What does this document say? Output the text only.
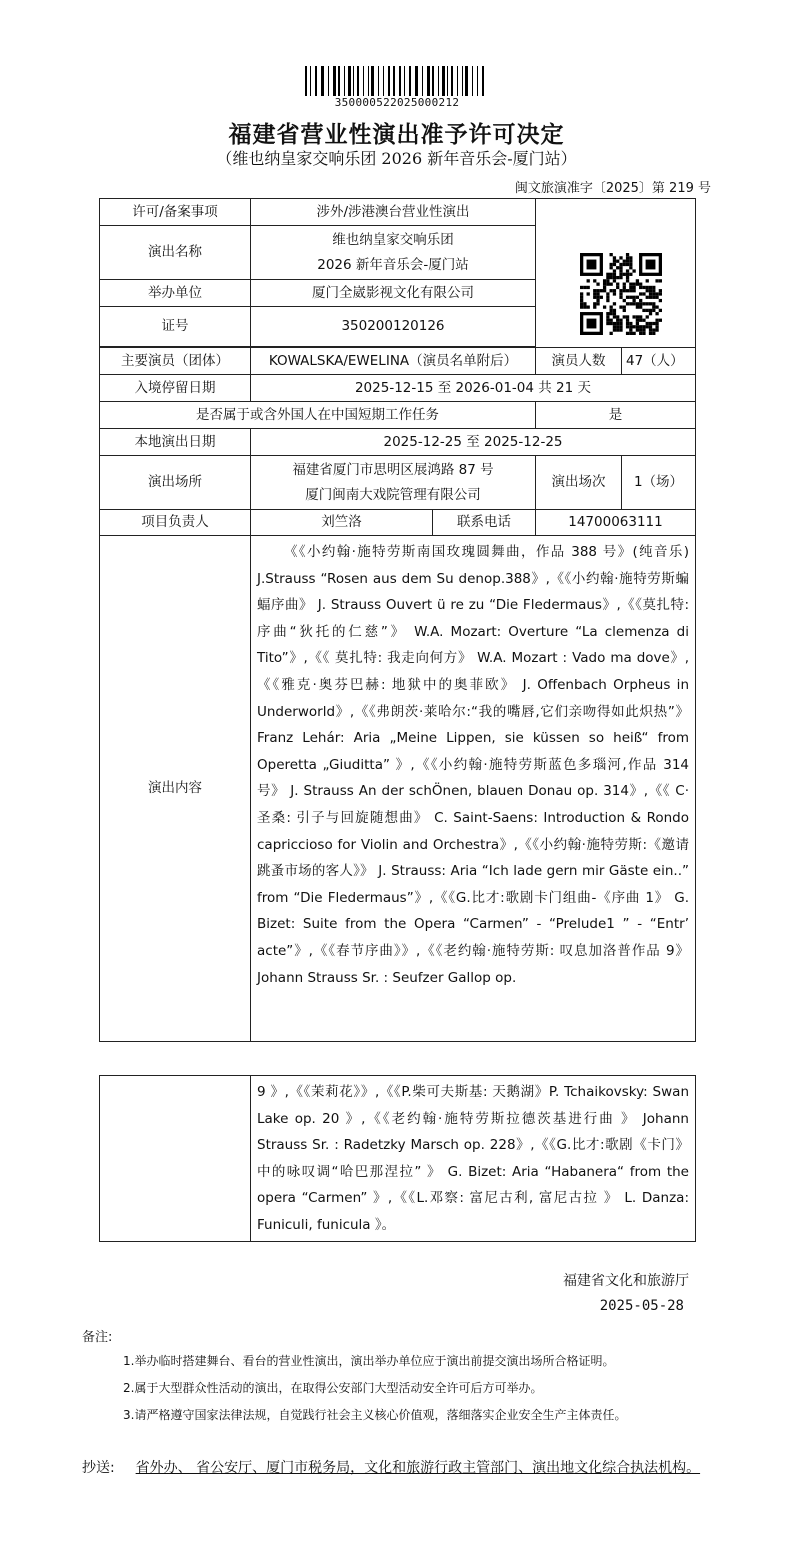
350000522025000212
福建省营业性演出准予许可决定
（维也纳皇家交响乐团 2026 新年音乐会-厦门站）
闽文旅演准字〔2025〕第 219 号
许可/备案事项	涉外/涉港澳台营业性演出	

演出名称	维也纳皇家交响乐团
2026 新年音乐会-厦门站			

举办单位	厦门全崴影视文化有限公司			
证号	350200120126			

主要演员（团体）	KOWALSKA/EWELINA（演员名单附后）		演员人数	47（人）
入境停留日期	2025-12-15 至 2026-01-04 共 21 天			
是否属于或含外国人在中国短期工作任务			是	
本地演出日期	2025-12-25 至 2025-12-25			
演出场所	福建省厦门市思明区展鸿路 87 号
厦门闽南大戏院管理有限公司		演出场次	1（场）
项目负责人	刘竺洛	联系电话	14700063111	
演出内容	《《小约翰·施特劳斯南国玫瑰圆舞曲，作品 388 号》(纯音乐) J.Strauss “Rosen aus dem Su denop.388》,《《小约翰·施特劳斯蝙蝠序曲》 J. Strauss Ouvert ü re zu “Die Fledermaus》,《《莫扎特:序曲“狄托的仁慈”》 W.A. Mozart: Overture “La clemenza di Tito”》,《《 莫扎特: 我走向何方》 W.A. Mozart : Vado ma dove》,《《雅克·奥芬巴赫: 地狱中的奥菲欧》 J. Offenbach Orpheus in Underworld》,《《弗朗茨·莱哈尔:“我的嘴唇,它们亲吻得如此炽热”》 Franz Lehár: Aria „Meine Lippen, sie küssen so heiß“ from Operetta „Giuditta” 》,《《小约翰·施特劳斯蓝色多瑙河,作品 314 号》 J. Strauss An der schÖnen, blauen Donau op. 314》,《《 C·圣桑: 引子与回旋随想曲》 C. Saint-Saens: Introduction & Rondo capriccioso for Violin and Orchestra》,《《小约翰·施特劳斯:《邀请跳蚤市场的客人》》 J. Strauss: Aria “Ich lade gern mir Gäste ein..” from “Die Fledermaus”》,《《G.比才:歌剧卡门组曲-《序曲 1》 G. Bizet: Suite from the Opera “Carmen” - “Prelude1 ” - “Entr’ acte”》,《《春节序曲》》,《《老约翰·施特劳斯: 叹息加洛普作品 9》 Johann Strauss Sr. : Seufzer Gallop op.			

9 》,《《茉莉花》》,《《P.柴可夫斯基: 天鹅湖》P. Tchaikovsky: Swan Lake op. 20 》,《《老约翰·施特劳斯拉德茨基进行曲 》 Johann Strauss Sr. : Radetzky Marsch op. 228》,《《G.比才:歌剧《卡门》中的咏叹调“哈巴那涅拉” 》 G. Bizet: Aria “Habanera“ from the opera “Carmen” 》,《《L.邓察: 富尼古利, 富尼古拉 》 L. Danza: Funiculi, funicula 》。

福建省文化和旅游厅
2025-05-28
备注:
1.举办临时搭建舞台、看台的营业性演出，演出举办单位应于演出前提交演出场所合格证明。
2.属于大型群众性活动的演出，在取得公安部门大型活动安全许可后方可举办。
3.请严格遵守国家法律法规，自觉践行社会主义核心价值观，落细落实企业安全生产主体责任。
抄送: 省外办、 省公安厅、厦门市税务局，文化和旅游行政主管部门、演出地文化综合执法机构。
